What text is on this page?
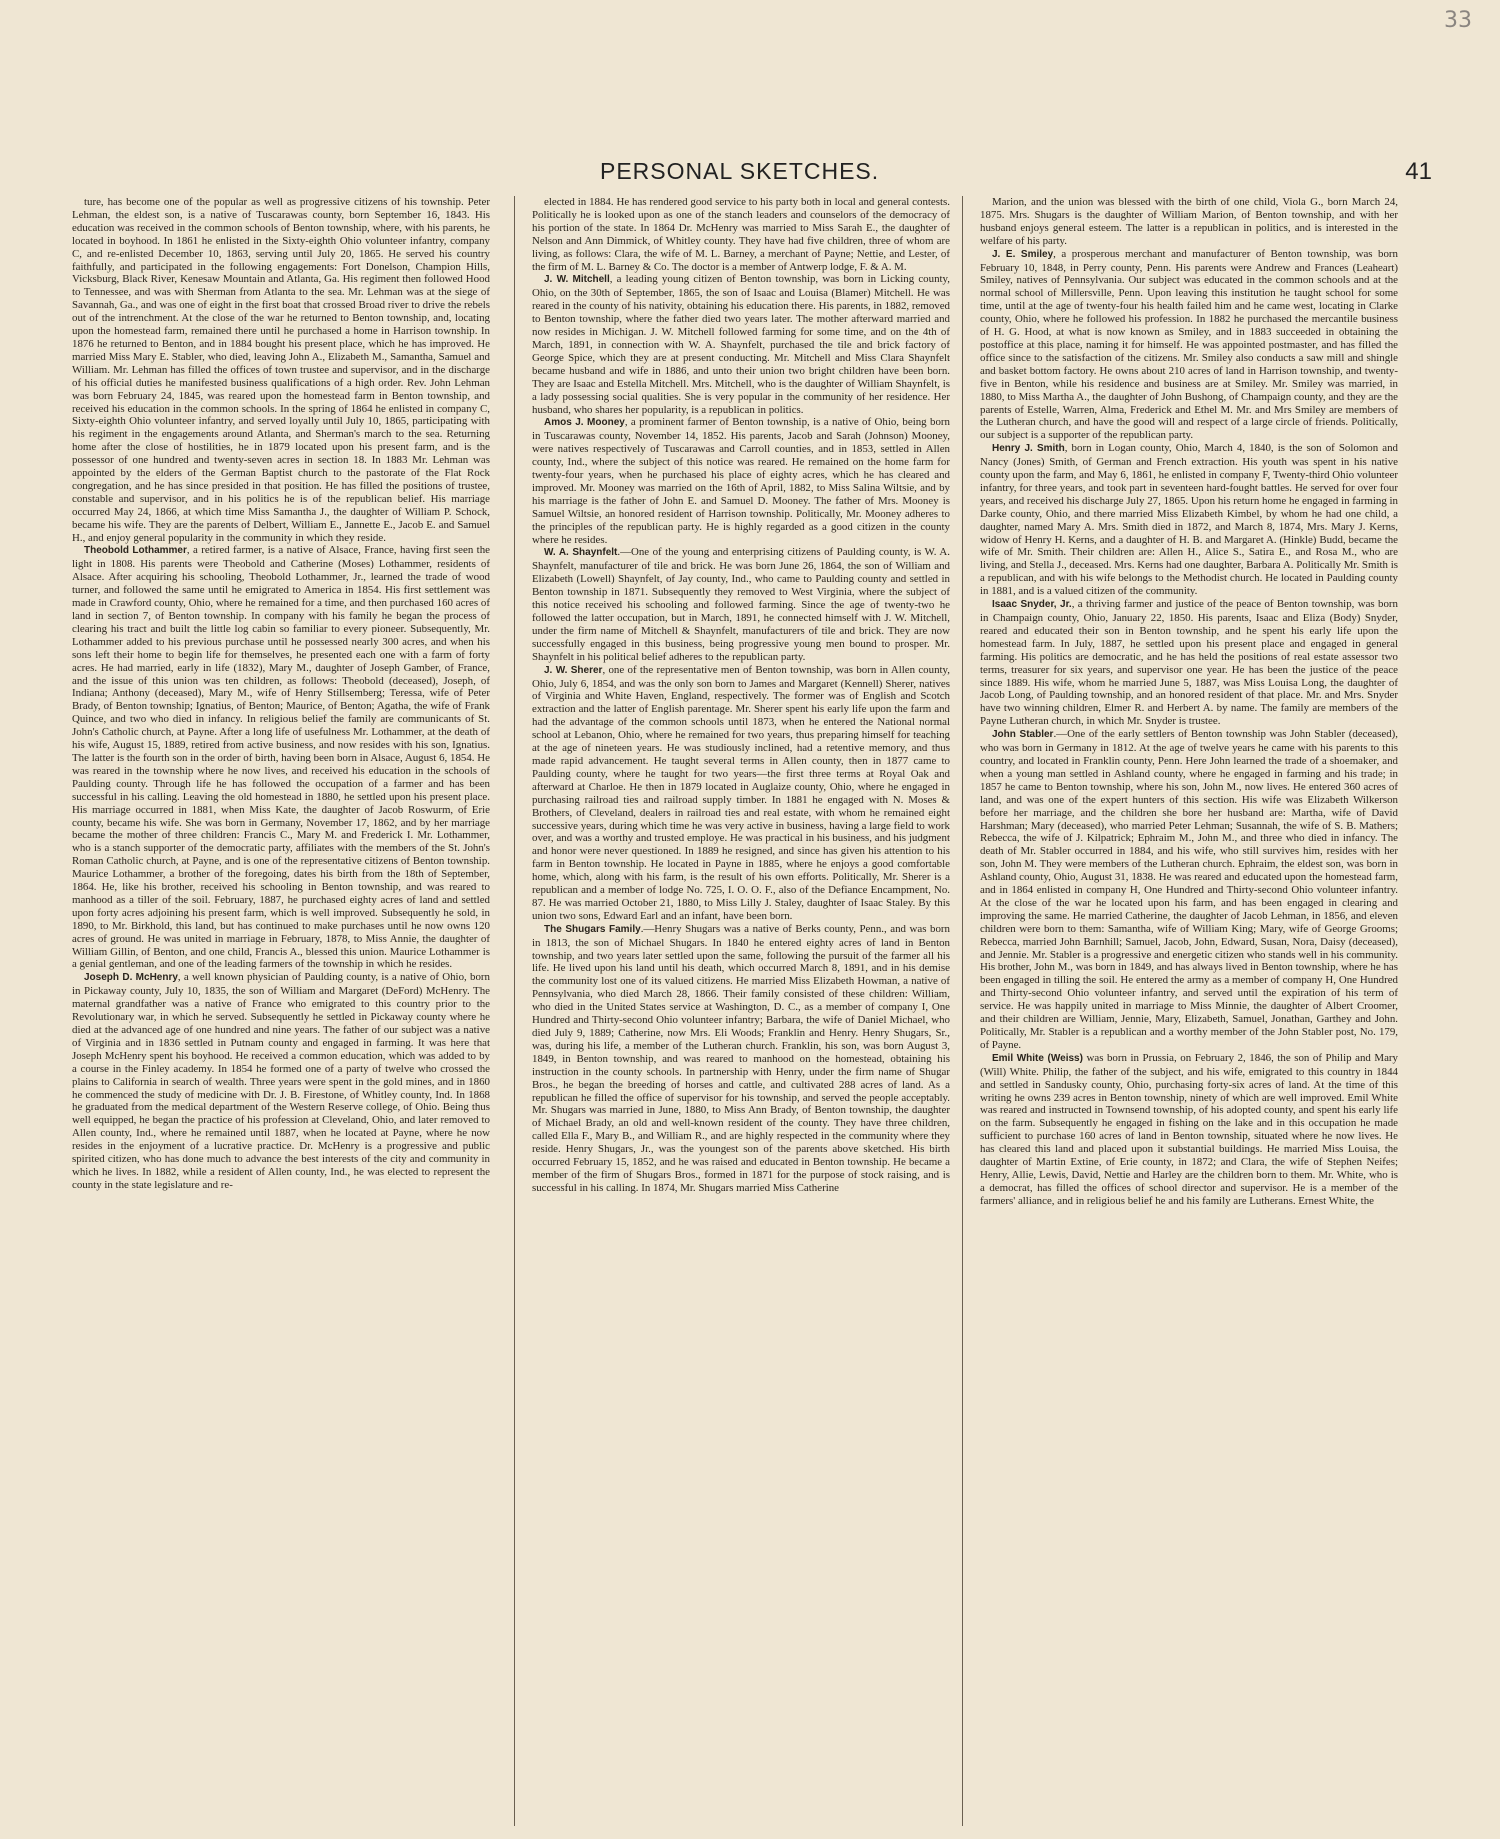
33
PERSONAL SKETCHES.	41

ture, has become one of the popular as well as progressive citizens of his township. Peter Lehman, the eldest son, is a native of Tuscarawas county, born September 16, 1843. His education was received in the common schools of Benton township, where, with his parents, he located in boyhood. In 1861 he enlisted in the Sixty-eighth Ohio volunteer infantry, company C, and re-enlisted December 10, 1863, serving until July 20, 1865. He served his country faithfully, and participated in the following engagements: Fort Donelson, Champion Hills, Vicksburg, Black River, Kenesaw Mountain and Atlanta, Ga. His regiment then followed Hood to Tennessee, and was with Sherman from Atlanta to the sea. Mr. Lehman was at the siege of Savannah, Ga., and was one of eight in the first boat that crossed Broad river to drive the rebels out of the intrenchment. At the close of the war he returned to Benton township, and, locating upon the homestead farm, remained there until he purchased a home in Harrison township. In 1876 he returned to Benton, and in 1884 bought his present place, which he has improved. He married Miss Mary E. Stabler, who died, leaving John A., Elizabeth M., Samantha, Samuel and William. Mr. Lehman has filled the offices of town trustee and supervisor, and in the discharge of his official duties he manifested business qualifications of a high order. Rev. John Lehman was born February 24, 1845, was reared upon the homestead farm in Benton township, and received his education in the common schools. In the spring of 1864 he enlisted in company C, Sixty-eighth Ohio volunteer infantry, and served loyally until July 10, 1865, participating with his regiment in the engagements around Atlanta, and Sherman's march to the sea. Returning home after the close of hostilities, he in 1879 located upon his present farm, and is the possessor of one hundred and twenty-seven acres in section 18. In 1883 Mr. Lehman was appointed by the elders of the German Baptist church to the pastorate of the Flat Rock congregation, and he has since presided in that position. He has filled the positions of trustee, constable and supervisor, and in his politics he is of the republican belief. His marriage occurred May 24, 1866, at which time Miss Samantha J., the daughter of William P. Schock, became his wife. They are the parents of Delbert, William E., Jannette E., Jacob E. and Samuel H., and enjoy general popularity in the community in which they reside.

Theobold Lothammer, a retired farmer, is a native of Alsace, France, having first seen the light in 1808. His parents were Theobold and Catherine (Moses) Lothammer, residents of Alsace. After acquiring his schooling, Theobold Lothammer, Jr., learned the trade of wood turner, and followed the same until he emigrated to America in 1854. His first settlement was made in Crawford county, Ohio, where he remained for a time, and then purchased 160 acres of land in section 7, of Benton township. In company with his family he began the process of clearing his tract and built the little log cabin so familiar to every pioneer. Subsequently, Mr. Lothammer added to his previous purchase until he possessed nearly 300 acres, and when his sons left their home to begin life for themselves, he presented each one with a farm of forty acres. He had married, early in life (1832), Mary M., daughter of Joseph Gamber, of France, and the issue of this union was ten children, as follows: Theobold (deceased), Joseph, of Indiana; Anthony (deceased), Mary M., wife of Henry Stillsemberg; Teressa, wife of Peter Brady, of Benton township; Ignatius, of Benton; Maurice, of Benton; Agatha, the wife of Frank Quince, and two who died in infancy. In religious belief the family are communicants of St. John's Catholic church, at Payne. After a long life of usefulness Mr. Lothammer, at the death of his wife, August 15, 1889, retired from active business, and now resides with his son, Ignatius. The latter is the fourth son in the order of birth, having been born in Alsace, August 6, 1854. He was reared in the township where he now lives, and received his education in the schools of Paulding county. Through life he has followed the occupation of a farmer and has been successful in his calling. Leaving the old homestead in 1880, he settled upon his present place. His marriage occurred in 1881, when Miss Kate, the daughter of Jacob Roswurm, of Erie county, became his wife. She was born in Germany, November 17, 1862, and by her marriage became the mother of three children: Francis C., Mary M. and Frederick I. Mr. Lothammer, who is a stanch supporter of the democratic party, affiliates with the members of the St. John's Roman Catholic church, at Payne, and is one of the representative citizens of Benton township. Maurice Lothammer, a brother of the foregoing, dates his birth from the 18th of September, 1864. He, like his brother, received his schooling in Benton township, and was reared to manhood as a tiller of the soil. February, 1887, he purchased eighty acres of land and settled upon forty acres adjoining his present farm, which is well improved. Subsequently he sold, in 1890, to Mr. Birkhold, this land, but has continued to make purchases until he now owns 120 acres of ground. He was united in marriage in February, 1878, to Miss Annie, the daughter of William Gillin, of Benton, and one child, Francis A., blessed this union. Maurice Lothammer is a genial gentleman, and one of the leading farmers of the township in which he resides.

Joseph D. McHenry, a well known physician of Paulding county, is a native of Ohio, born in Pickaway county, July 10, 1835, the son of William and Margaret (DeFord) McHenry. The maternal grandfather was a native of France who emigrated to this country prior to the Revolutionary war, in which he served. Subsequently he settled in Pickaway county where he died at the advanced age of one hundred and nine years. The father of our subject was a native of Virginia and in 1836 settled in Putnam county and engaged in farming. It was here that Joseph McHenry spent his boyhood. He received a common education, which was added to by a course in the Finley academy. In 1854 he formed one of a party of twelve who crossed the plains to California in search of wealth. Three years were spent in the gold mines, and in 1860 he commenced the study of medicine with Dr. J. B. Firestone, of Whitley county, Ind. In 1868 he graduated from the medical department of the Western Reserve college, of Ohio. Being thus well equipped, he began the practice of his profession at Cleveland, Ohio, and later removed to Allen county, Ind., where he remained until 1887, when he located at Payne, where he now resides in the enjoyment of a lucrative practice. Dr. McHenry is a progressive and public spirited citizen, who has done much to advance the best interests of the city and community in which he lives. In 1882, while a resident of Allen county, Ind., he was elected to represent the county in the state legislature and re-

elected in 1884. He has rendered good service to his party both in local and general contests. Politically he is looked upon as one of the stanch leaders and counselors of the democracy of his portion of the state. In 1864 Dr. McHenry was married to Miss Sarah E., the daughter of Nelson and Ann Dimmick, of Whitley county. They have had five children, three of whom are living, as follows: Clara, the wife of M. L. Barney, a merchant of Payne; Nettie, and Lester, of the firm of M. L. Barney & Co. The doctor is a member of Antwerp lodge, F. & A. M.

J. W. Mitchell, a leading young citizen of Benton township, was born in Licking county, Ohio, on the 30th of September, 1865, the son of Isaac and Louisa (Blamer) Mitchell. He was reared in the county of his nativity, obtaining his education there. His parents, in 1882, removed to Benton township, where the father died two years later. The mother afterward married and now resides in Michigan. J. W. Mitchell followed farming for some time, and on the 4th of March, 1891, in connection with W. A. Shaynfelt, purchased the tile and brick factory of George Spice, which they are at present conducting. Mr. Mitchell and Miss Clara Shaynfelt became husband and wife in 1886, and unto their union two bright children have been born. They are Isaac and Estella Mitchell. Mrs. Mitchell, who is the daughter of William Shaynfelt, is a lady possessing social qualities. She is very popular in the community of her residence. Her husband, who shares her popularity, is a republican in politics.

Amos J. Mooney, a prominent farmer of Benton township, is a native of Ohio, being born in Tuscarawas county, November 14, 1852. His parents, Jacob and Sarah (Johnson) Mooney, were natives respectively of Tuscarawas and Carroll counties, and in 1853, settled in Allen county, Ind., where the subject of this notice was reared. He remained on the home farm for twenty-four years, when he purchased his place of eighty acres, which he has cleared and improved. Mr. Mooney was married on the 16th of April, 1882, to Miss Salina Wiltsie, and by his marriage is the father of John E. and Samuel D. Mooney. The father of Mrs. Mooney is Samuel Wiltsie, an honored resident of Harrison township. Politically, Mr. Mooney adheres to the principles of the republican party. He is highly regarded as a good citizen in the county where he resides.

W. A. Shaynfelt.—One of the young and enterprising citizens of Paulding county, is W. A. Shaynfelt, manufacturer of tile and brick. He was born June 26, 1864, the son of William and Elizabeth (Lowell) Shaynfelt, of Jay county, Ind., who came to Paulding county and settled in Benton township in 1871. Subsequently they removed to West Virginia, where the subject of this notice received his schooling and followed farming. Since the age of twenty-two he followed the latter occupation, but in March, 1891, he connected himself with J. W. Mitchell, under the firm name of Mitchell & Shaynfelt, manufacturers of tile and brick. They are now successfully engaged in this business, being progressive young men bound to prosper. Mr. Shaynfelt in his political belief adheres to the republican party.

J. W. Sherer, one of the representative men of Benton township, was born in Allen county, Ohio, July 6, 1854, and was the only son born to James and Margaret (Kennell) Sherer, natives of Virginia and White Haven, England, respectively. The former was of English and Scotch extraction and the latter of English parentage. Mr. Sherer spent his early life upon the farm and had the advantage of the common schools until 1873, when he entered the National normal school at Lebanon, Ohio, where he remained for two years, thus preparing himself for teaching at the age of nineteen years. He was studiously inclined, had a retentive memory, and thus made rapid advancement. He taught several terms in Allen county, then in 1877 came to Paulding county, where he taught for two years—the first three terms at Royal Oak and afterward at Charloe. He then in 1879 located in Auglaize county, Ohio, where he engaged in purchasing railroad ties and railroad supply timber. In 1881 he engaged with N. Moses & Brothers, of Cleveland, dealers in railroad ties and real estate, with whom he remained eight successive years, during which time he was very active in business, having a large field to work over, and was a worthy and trusted employe. He was practical in his business, and his judgment and honor were never questioned. In 1889 he resigned, and since has given his attention to his farm in Benton township. He located in Payne in 1885, where he enjoys a good comfortable home, which, along with his farm, is the result of his own efforts. Politically, Mr. Sherer is a republican and a member of lodge No. 725, I. O. O. F., also of the Defiance Encampment, No. 87. He was married October 21, 1880, to Miss Lilly J. Staley, daughter of Isaac Staley. By this union two sons, Edward Earl and an infant, have been born.

The Shugars Family.—Henry Shugars was a native of Berks county, Penn., and was born in 1813, the son of Michael Shugars. In 1840 he entered eighty acres of land in Benton township, and two years later settled upon the same, following the pursuit of the farmer all his life. He lived upon his land until his death, which occurred March 8, 1891, and in his demise the community lost one of its valued citizens. He married Miss Elizabeth Howman, a native of Pennsylvania, who died March 28, 1866. Their family consisted of these children: William, who died in the United States service at Washington, D. C., as a member of company I, One Hundred and Thirty-second Ohio volunteer infantry; Barbara, the wife of Daniel Michael, who died July 9, 1889; Catherine, now Mrs. Eli Woods; Franklin and Henry. Henry Shugars, Sr., was, during his life, a member of the Lutheran church. Franklin, his son, was born August 3, 1849, in Benton township, and was reared to manhood on the homestead, obtaining his instruction in the county schools. In partnership with Henry, under the firm name of Shugar Bros., he began the breeding of horses and cattle, and cultivated 288 acres of land. As a republican he filled the office of supervisor for his township, and served the people acceptably. Mr. Shugars was married in June, 1880, to Miss Ann Brady, of Benton township, the daughter of Michael Brady, an old and well-known resident of the county. They have three children, called Ella F., Mary B., and William R., and are highly respected in the community where they reside. Henry Shugars, Jr., was the youngest son of the parents above sketched. His birth occurred February 15, 1852, and he was raised and educated in Benton township. He became a member of the firm of Shugars Bros., formed in 1871 for the purpose of stock raising, and is successful in his calling. In 1874, Mr. Shugars married Miss Catherine

Marion, and the union was blessed with the birth of one child, Viola G., born March 24, 1875. Mrs. Shugars is the daughter of William Marion, of Benton township, and with her husband enjoys general esteem. The latter is a republican in politics, and is interested in the welfare of his party.

J. E. Smiley, a prosperous merchant and manufacturer of Benton township, was born February 10, 1848, in Perry county, Penn. His parents were Andrew and Frances (Leaheart) Smiley, natives of Pennsylvania. Our subject was educated in the common schools and at the normal school of Millersville, Penn. Upon leaving this institution he taught school for some time, until at the age of twenty-four his health failed him and he came west, locating in Clarke county, Ohio, where he followed his profession. In 1882 he purchased the mercantile business of H. G. Hood, at what is now known as Smiley, and in 1883 succeeded in obtaining the postoffice at this place, naming it for himself. He was appointed postmaster, and has filled the office since to the satisfaction of the citizens. Mr. Smiley also conducts a saw mill and shingle and basket bottom factory. He owns about 210 acres of land in Harrison township, and twenty-five in Benton, while his residence and business are at Smiley. Mr. Smiley was married, in 1880, to Miss Martha A., the daughter of John Bushong, of Champaign county, and they are the parents of Estelle, Warren, Alma, Frederick and Ethel M. Mr. and Mrs Smiley are members of the Lutheran church, and have the good will and respect of a large circle of friends. Politically, our subject is a supporter of the republican party.

Henry J. Smith, born in Logan county, Ohio, March 4, 1840, is the son of Solomon and Nancy (Jones) Smith, of German and French extraction. His youth was spent in his native county upon the farm, and May 6, 1861, he enlisted in company F, Twenty-third Ohio volunteer infantry, for three years, and took part in seventeen hard-fought battles. He served for over four years, and received his discharge July 27, 1865. Upon his return home he engaged in farming in Darke county, Ohio, and there married Miss Elizabeth Kimbel, by whom he had one child, a daughter, named Mary A. Mrs. Smith died in 1872, and March 8, 1874, Mrs. Mary J. Kerns, widow of Henry H. Kerns, and a daughter of H. B. and Margaret A. (Hinkle) Budd, became the wife of Mr. Smith. Their children are: Allen H., Alice S., Satira E., and Rosa M., who are living, and Stella J., deceased. Mrs. Kerns had one daughter, Barbara A. Politically Mr. Smith is a republican, and with his wife belongs to the Methodist church. He located in Paulding county in 1881, and is a valued citizen of the community.

Isaac Snyder, Jr., a thriving farmer and justice of the peace of Benton township, was born in Champaign county, Ohio, January 22, 1850. His parents, Isaac and Eliza (Body) Snyder, reared and educated their son in Benton township, and he spent his early life upon the homestead farm. In July, 1887, he settled upon his present place and engaged in general farming. His politics are democratic, and he has held the positions of real estate assessor two terms, treasurer for six years, and supervisor one year. He has been the justice of the peace since 1889. His wife, whom he married June 5, 1887, was Miss Louisa Long, the daughter of Jacob Long, of Paulding township, and an honored resident of that place. Mr. and Mrs. Snyder have two winning children, Elmer R. and Herbert A. by name. The family are members of the Payne Lutheran church, in which Mr. Snyder is trustee.

John Stabler.—One of the early settlers of Benton township was John Stabler (deceased), who was born in Germany in 1812. At the age of twelve years he came with his parents to this country, and located in Franklin county, Penn. Here John learned the trade of a shoemaker, and when a young man settled in Ashland county, where he engaged in farming and his trade; in 1857 he came to Benton township, where his son, John M., now lives. He entered 360 acres of land, and was one of the expert hunters of this section. His wife was Elizabeth Wilkerson before her marriage, and the children she bore her husband are: Martha, wife of David Harshman; Mary (deceased), who married Peter Lehman; Susannah, the wife of S. B. Mathers; Rebecca, the wife of J. Kilpatrick; Ephraim M., John M., and three who died in infancy. The death of Mr. Stabler occurred in 1884, and his wife, who still survives him, resides with her son, John M. They were members of the Lutheran church. Ephraim, the eldest son, was born in Ashland county, Ohio, August 31, 1838. He was reared and educated upon the homestead farm, and in 1864 enlisted in company H, One Hundred and Thirty-second Ohio volunteer infantry. At the close of the war he located upon his farm, and has been engaged in clearing and improving the same. He married Catherine, the daughter of Jacob Lehman, in 1856, and eleven children were born to them: Samantha, wife of William King; Mary, wife of George Grooms; Rebecca, married John Barnhill; Samuel, Jacob, John, Edward, Susan, Nora, Daisy (deceased), and Jennie. Mr. Stabler is a progressive and energetic citizen who stands well in his community. His brother, John M., was born in 1849, and has always lived in Benton township, where he has been engaged in tilling the soil. He entered the army as a member of company H, One Hundred and Thirty-second Ohio volunteer infantry, and served until the expiration of his term of service. He was happily united in marriage to Miss Minnie, the daughter of Albert Croomer, and their children are William, Jennie, Mary, Elizabeth, Samuel, Jonathan, Garthey and John. Politically, Mr. Stabler is a republican and a worthy member of the John Stabler post, No. 179, of Payne.

Emil White (Weiss) was born in Prussia, on February 2, 1846, the son of Philip and Mary (Will) White. Philip, the father of the subject, and his wife, emigrated to this country in 1844 and settled in Sandusky county, Ohio, purchasing forty-six acres of land. At the time of this writing he owns 239 acres in Benton township, ninety of which are well improved. Emil White was reared and instructed in Townsend township, of his adopted county, and spent his early life on the farm. Subsequently he engaged in fishing on the lake and in this occupation he made sufficient to purchase 160 acres of land in Benton township, situated where he now lives. He has cleared this land and placed upon it substantial buildings. He married Miss Louisa, the daughter of Martin Extine, of Erie county, in 1872; and Clara, the wife of Stephen Neifes; Henry, Allie, Lewis, David, Nettie and Harley are the children born to them. Mr. White, who is a democrat, has filled the offices of school director and supervisor. He is a member of the farmers' alliance, and in religious belief he and his family are Lutherans. Ernest White, the
